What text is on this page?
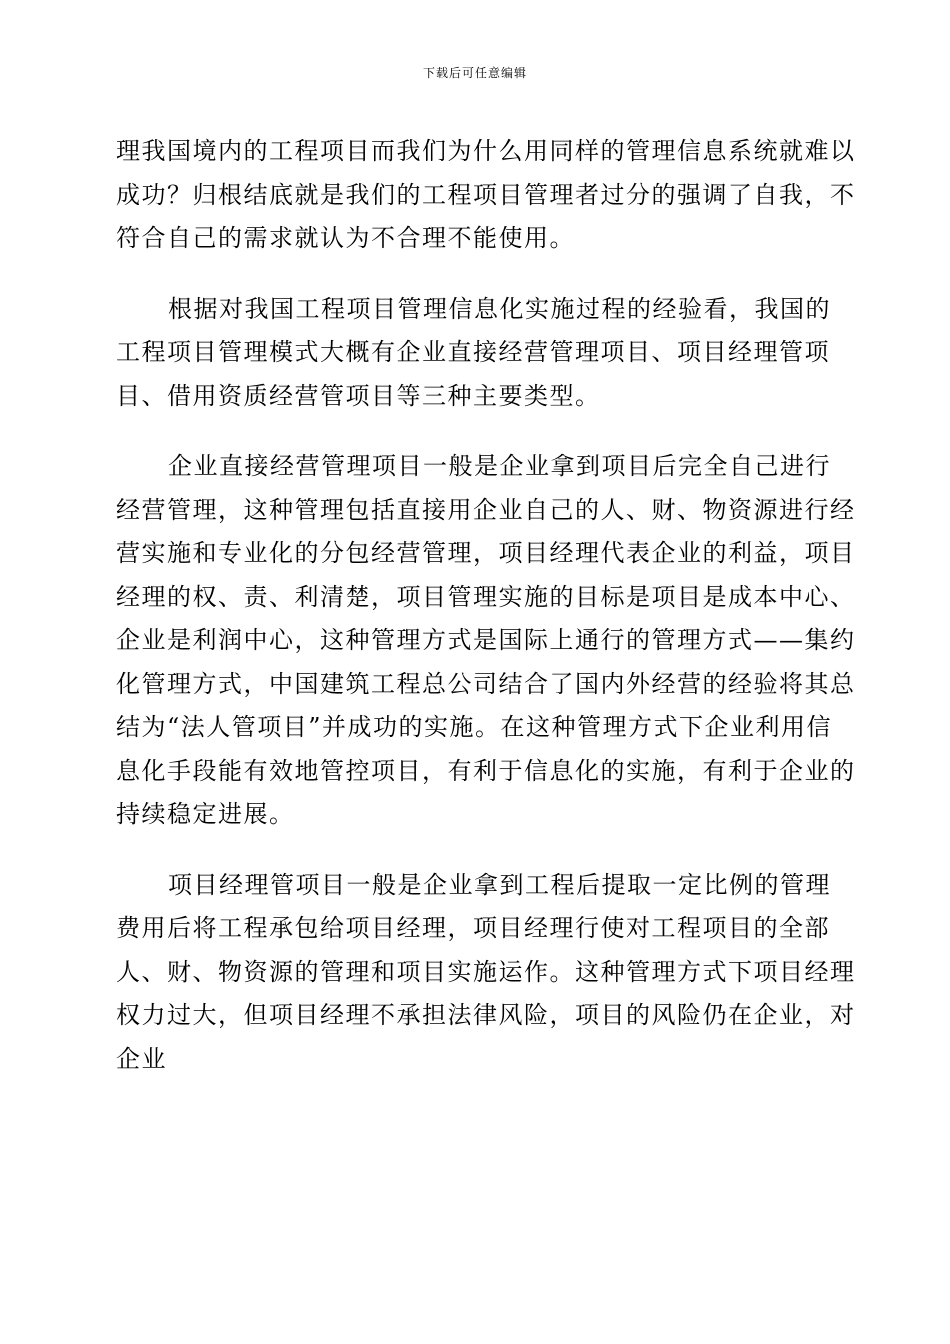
下载后可任意编辑

理我国境内的工程项目而我们为什么用同样的管理信息系统就难以成功？归根结底就是我们的工程项目管理者过分的强调了自我，不符合自己的需求就认为不合理不能使用。

根据对我国工程项目管理信息化实施过程的经验看，我国的工程项目管理模式大概有企业直接经营管理项目、项目经理管项目、借用资质经营管项目等三种主要类型。

企业直接经营管理项目一般是企业拿到项目后完全自己进行经营管理，这种管理包括直接用企业自己的人、财、物资源进行经营实施和专业化的分包经营管理，项目经理代表企业的利益，项目经理的权、责、利清楚，项目管理实施的目标是项目是成本中心、企业是利润中心，这种管理方式是国际上通行的管理方式——集约化管理方式，中国建筑工程总公司结合了国内外经营的经验将其总结为“法人管项目”并成功的实施。在这种管理方式下企业利用信息化手段能有效地管控项目，有利于信息化的实施，有利于企业的持续稳定进展。

项目经理管项目一般是企业拿到工程后提取一定比例的管理费用后将工程承包给项目经理，项目经理行使对工程项目的全部人、财、物资源的管理和项目实施运作。这种管理方式下项目经理权力过大，但项目经理不承担法律风险，项目的风险仍在企业，对企业
